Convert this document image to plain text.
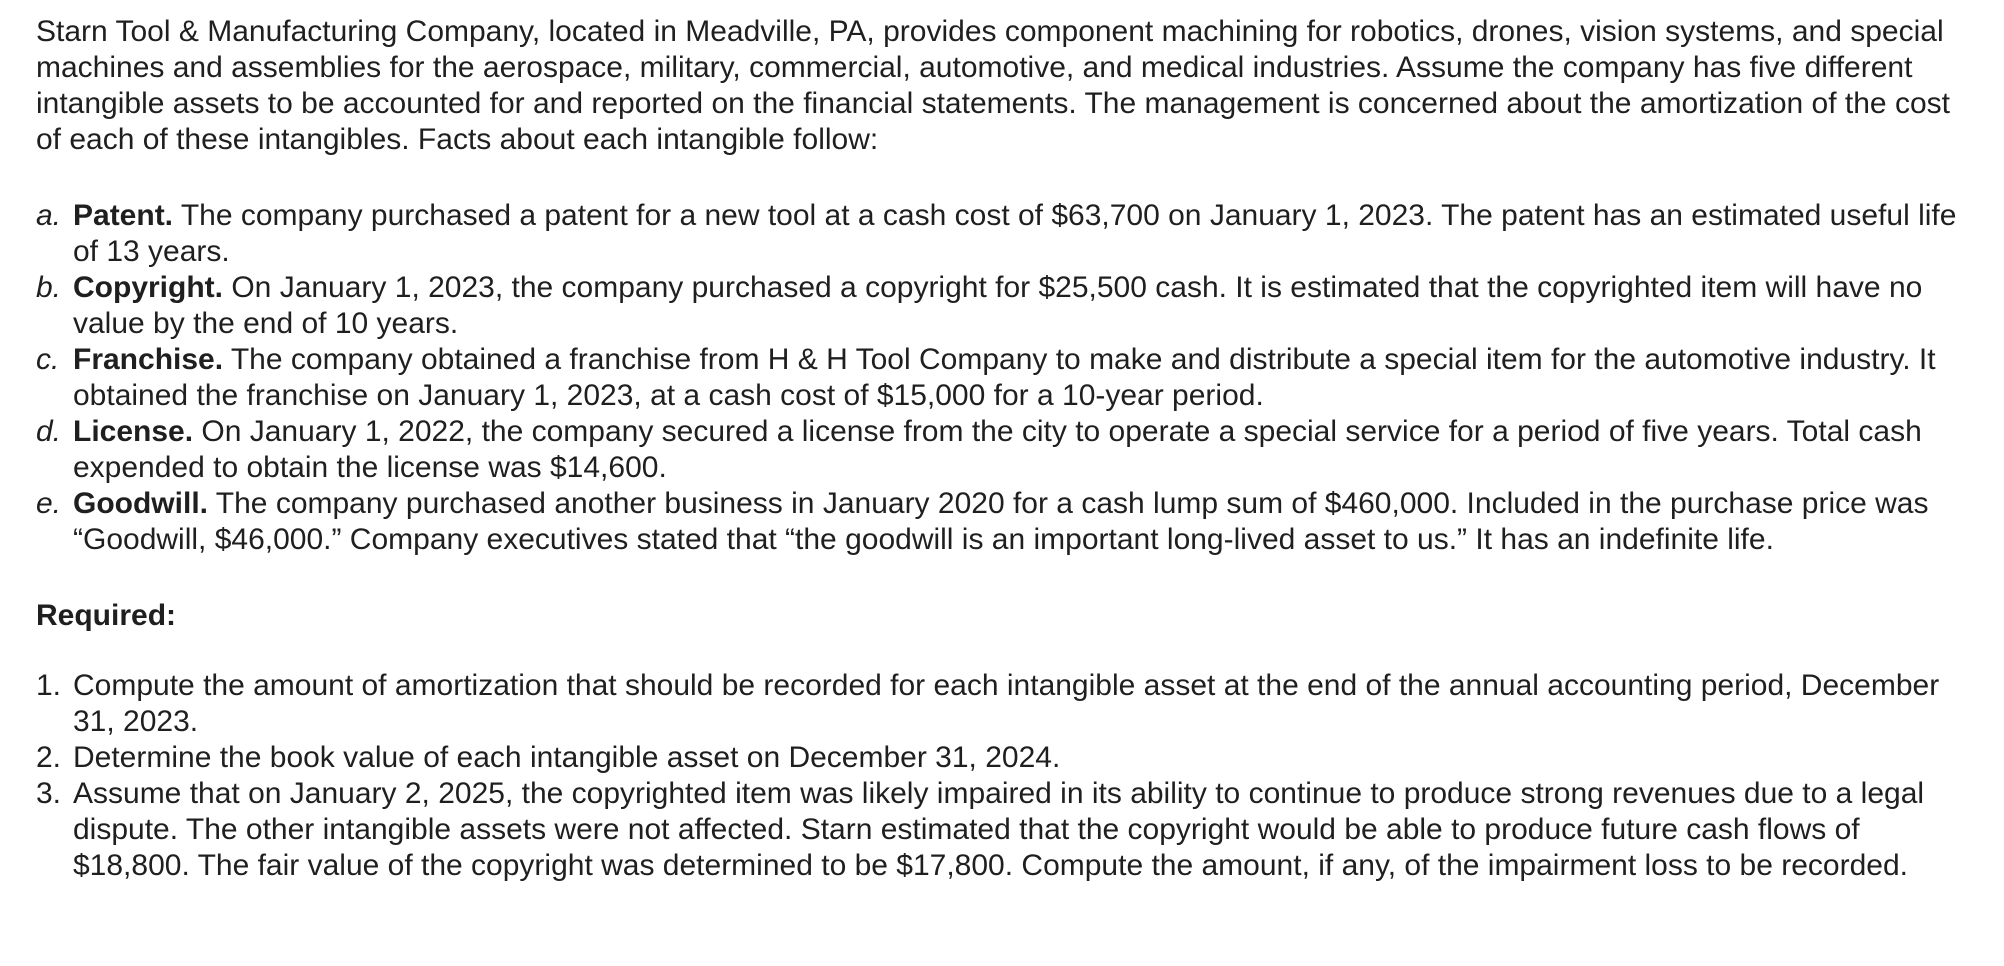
Starn Tool & Manufacturing Company, located in Meadville, PA, provides component machining for robotics, drones, vision systems, and special machines and assemblies for the aerospace, military, commercial, automotive, and medical industries. Assume the company has five different intangible assets to be accounted for and reported on the financial statements. The management is concerned about the amortization of the cost of each of these intangibles. Facts about each intangible follow:

a. Patent. The company purchased a patent for a new tool at a cash cost of $63,700 on January 1, 2023. The patent has an estimated useful life of 13 years.
b. Copyright. On January 1, 2023, the company purchased a copyright for $25,500 cash. It is estimated that the copyrighted item will have no value by the end of 10 years.
c. Franchise. The company obtained a franchise from H & H Tool Company to make and distribute a special item for the automotive industry. It obtained the franchise on January 1, 2023, at a cash cost of $15,000 for a 10-year period.
d. License. On January 1, 2022, the company secured a license from the city to operate a special service for a period of five years. Total cash expended to obtain the license was $14,600.
e. Goodwill. The company purchased another business in January 2020 for a cash lump sum of $460,000. Included in the purchase price was “Goodwill, $46,000.” Company executives stated that “the goodwill is an important long-lived asset to us.” It has an indefinite life.
Required:
1. Compute the amount of amortization that should be recorded for each intangible asset at the end of the annual accounting period, December 31, 2023.
2. Determine the book value of each intangible asset on December 31, 2024.
3. Assume that on January 2, 2025, the copyrighted item was likely impaired in its ability to continue to produce strong revenues due to a legal dispute. The other intangible assets were not affected. Starn estimated that the copyright would be able to produce future cash flows of $18,800. The fair value of the copyright was determined to be $17,800. Compute the amount, if any, of the impairment loss to be recorded.
